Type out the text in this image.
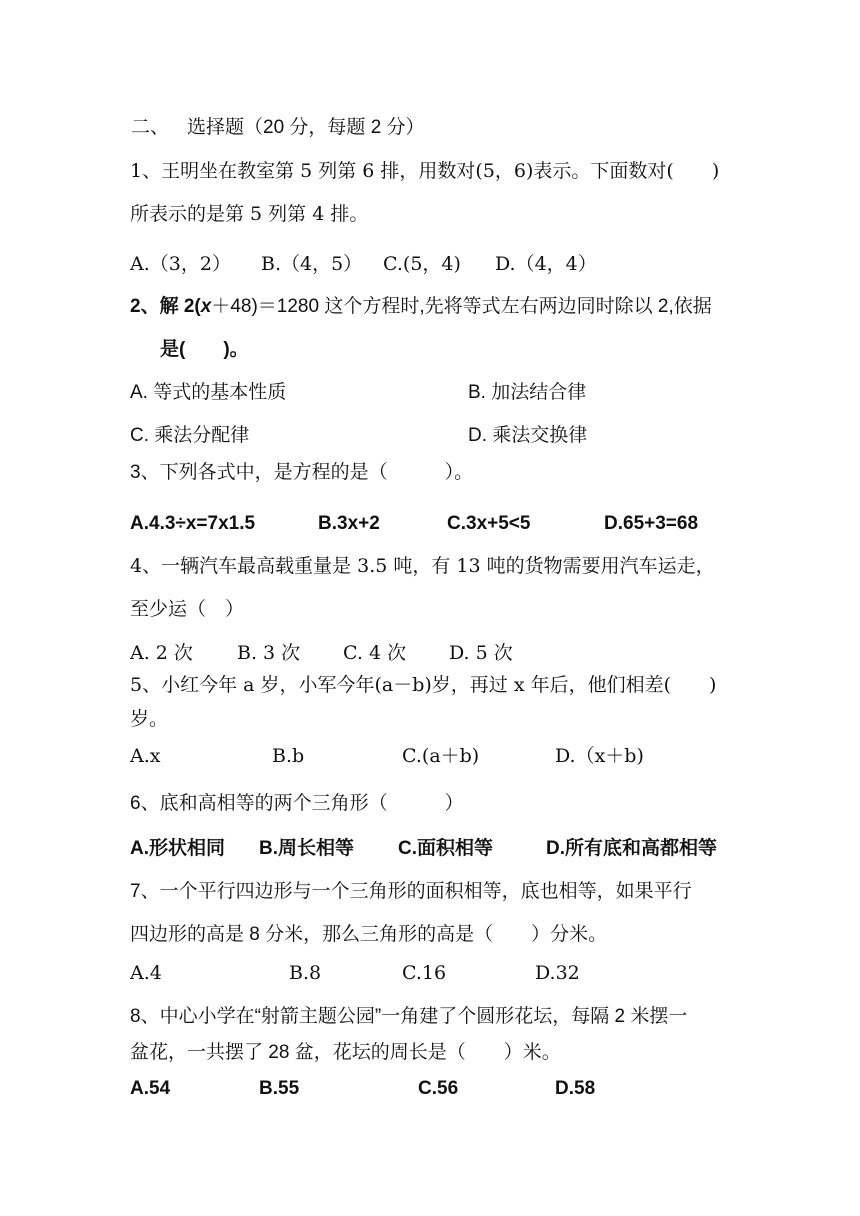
二、 选择题（20 分，每题 2 分）
1、王明坐在教室第 5 列第 6 排，用数对(5，6)表示。下面数对(　　)
所表示的是第 5 列第 4 排。
A.（3，2） B.（4，5） C.(5，4) D.（4，4）
2、解 2(x＋48)＝1280 这个方程时,先将等式左右两边同时除以 2,依据
是(　　)。
A. 等式的基本性质	B. 加法结合律
C. 乘法分配律	D. 乘法交换律
3、下列各式中，是方程的是（　　　）。
A.4.3÷x=7x1.5	B.3x+2	C.3x+5<5	D.65+3=68
4、一辆汽车最高载重量是 3.5 吨，有 13 吨的货物需要用汽车运走，
至少运（　）
A. 2 次 B. 3 次 C. 4 次 D. 5 次
5、小红今年 a 岁，小军今年(a－b)岁，再过 x 年后，他们相差(　　)
岁。
A.x	B.b	C.(a＋b)	D.（x＋b)
6、底和高相等的两个三角形（　　　）
A.形状相同 B.周长相等 C.面积相等	D.所有底和高都相等
7、一个平行四边形与一个三角形的面积相等，底也相等，如果平行
四边形的高是 8 分米，那么三角形的高是（　　）分米。
A.4	B.8	C.16	D.32
8、中心小学在“射箭主题公园”一角建了个圆形花坛，每隔 2 米摆一
盆花，一共摆了 28 盆，花坛的周长是（　　）米。
A.54	B.55	C.56	D.58
